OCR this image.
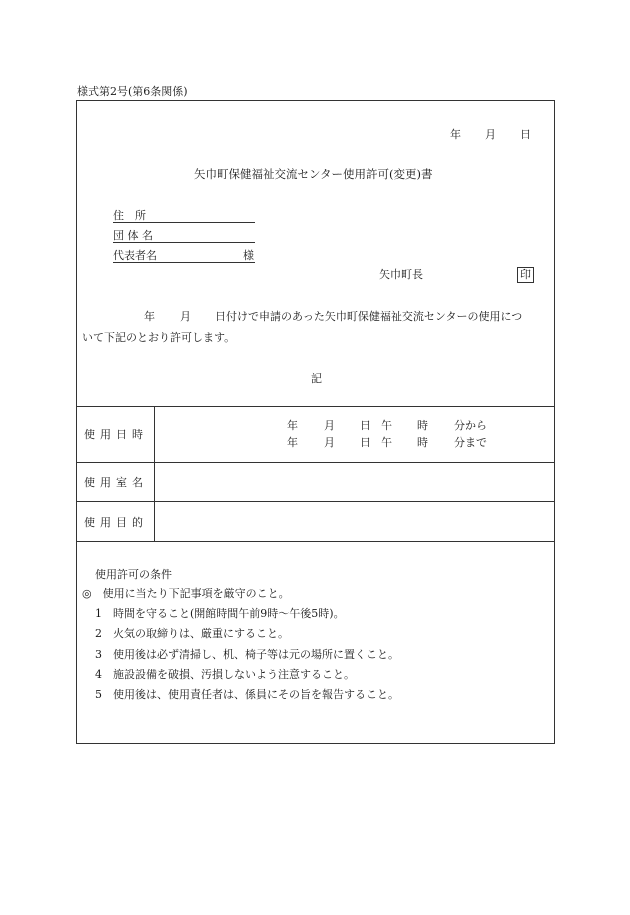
様式第2号(第6条関係)
年 月 日
矢巾町保健福祉交流センター使用許可(変更)書
住　所
団 体 名
代表者名	様
矢巾町長	印
年 月 日付けで申請のあった矢巾町保健福祉交流センターの使用につ
いて下記のとおり許可します。
記
使用日時
年 月 日 午 時 分から
年 月 日 午 時 分まで
使用室名
使用目的
使用許可の条件
◎　使用に当たり下記事項を厳守のこと。
1　時間を守ること(開館時間午前9時～午後5時)。
2　火気の取締りは、厳重にすること。
3　使用後は必ず清掃し、机、椅子等は元の場所に置くこと。
4　施設設備を破損、汚損しないよう注意すること。
5　使用後は、使用責任者は、係員にその旨を報告すること。
